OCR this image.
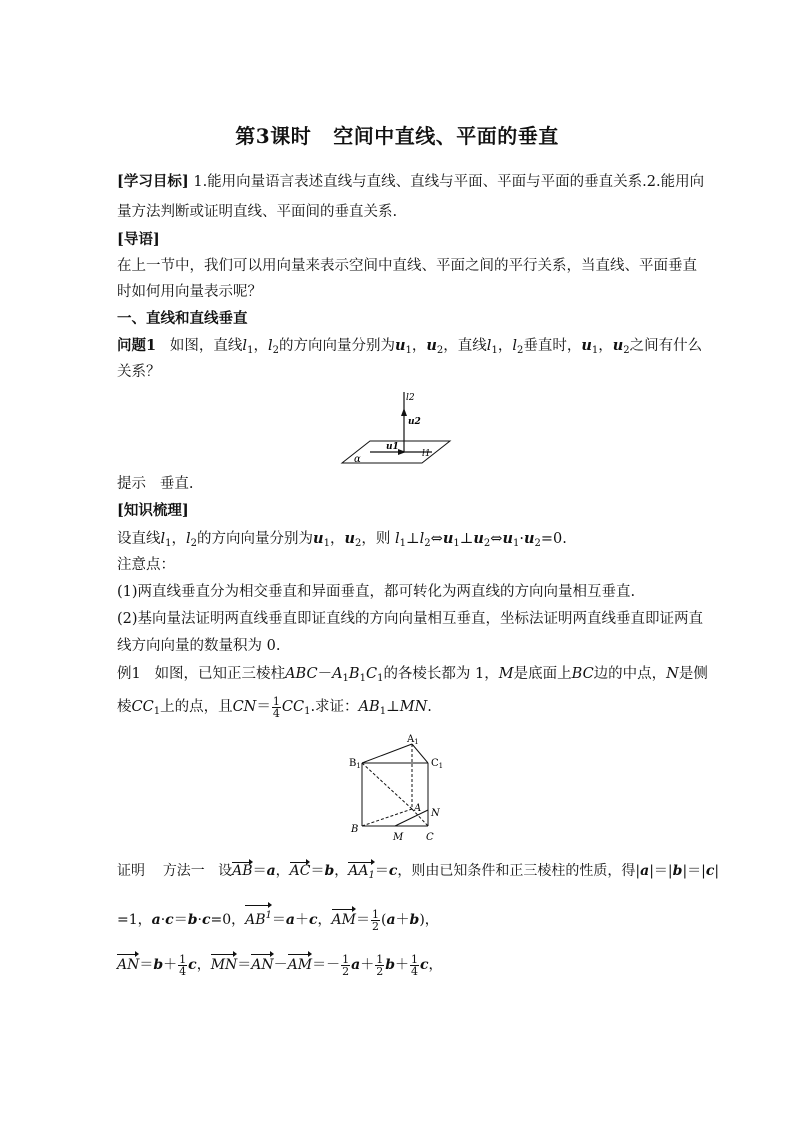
第3课时 空间中直线、平面的垂直
[学习目标] 1.能用向量语言表述直线与直线、直线与平面、平面与平面的垂直关系.2.能用向
量方法判断或证明直线、平面间的垂直关系.
[导语]
在上一节中，我们可以用向量来表示空间中直线、平面之间的平行关系，当直线、平面垂直
时如何用向量表示呢？
一、直线和直线垂直
问题1 如图，直线$l_1$，$l_2$的方向向量分别为$u_1$，$u_2$，直线$l_1$，$l_2$垂直时，$u_1$，$u_2$之间有什么
关系？
α
l2
u2
u1
l1
提示 垂直.
[知识梳理]
设直线$l_1$，$l_2$的方向向量分别为$u_1$，$u_2$，则 $l_1\perp l_2\Leftrightarrow u_1\perp u_2\Leftrightarrow u_1\cdot u_2=0$.
注意点：
(1)两直线垂直分为相交垂直和异面垂直，都可转化为两直线的方向向量相互垂直.
(2)基向量法证明两直线垂直即证直线的方向向量相互垂直，坐标法证明两直线垂直即证两直
线方向向量的数量积为 0.
例1 如图，已知正三棱柱$ABC-A_1B_1C_1$的各棱长都为 1，M是底面上BC边的中点，N是侧
棱$CC_1$上的点，且$CN= \frac{1}{4} CC_1$.求证：$AB_1\perp MN$.
$A_1$
$B_1$	$C_1$
A
B
C
M
N
证明 方法一 设AB＝a，AC＝b，$AA_1=c$，则由已知条件和正三棱柱的性质，得|a|＝|b|＝|c|
=1，a·c＝b·c=0，$AB^1=a+c$，$AM= \frac{1}{2} (a+b)$，
$AN=b+ \frac{1}{4}$ c，$MN=AN-AM=- \frac{1}{2} a+ \frac{1}{2} b+ \frac{1}{4}$ c，
